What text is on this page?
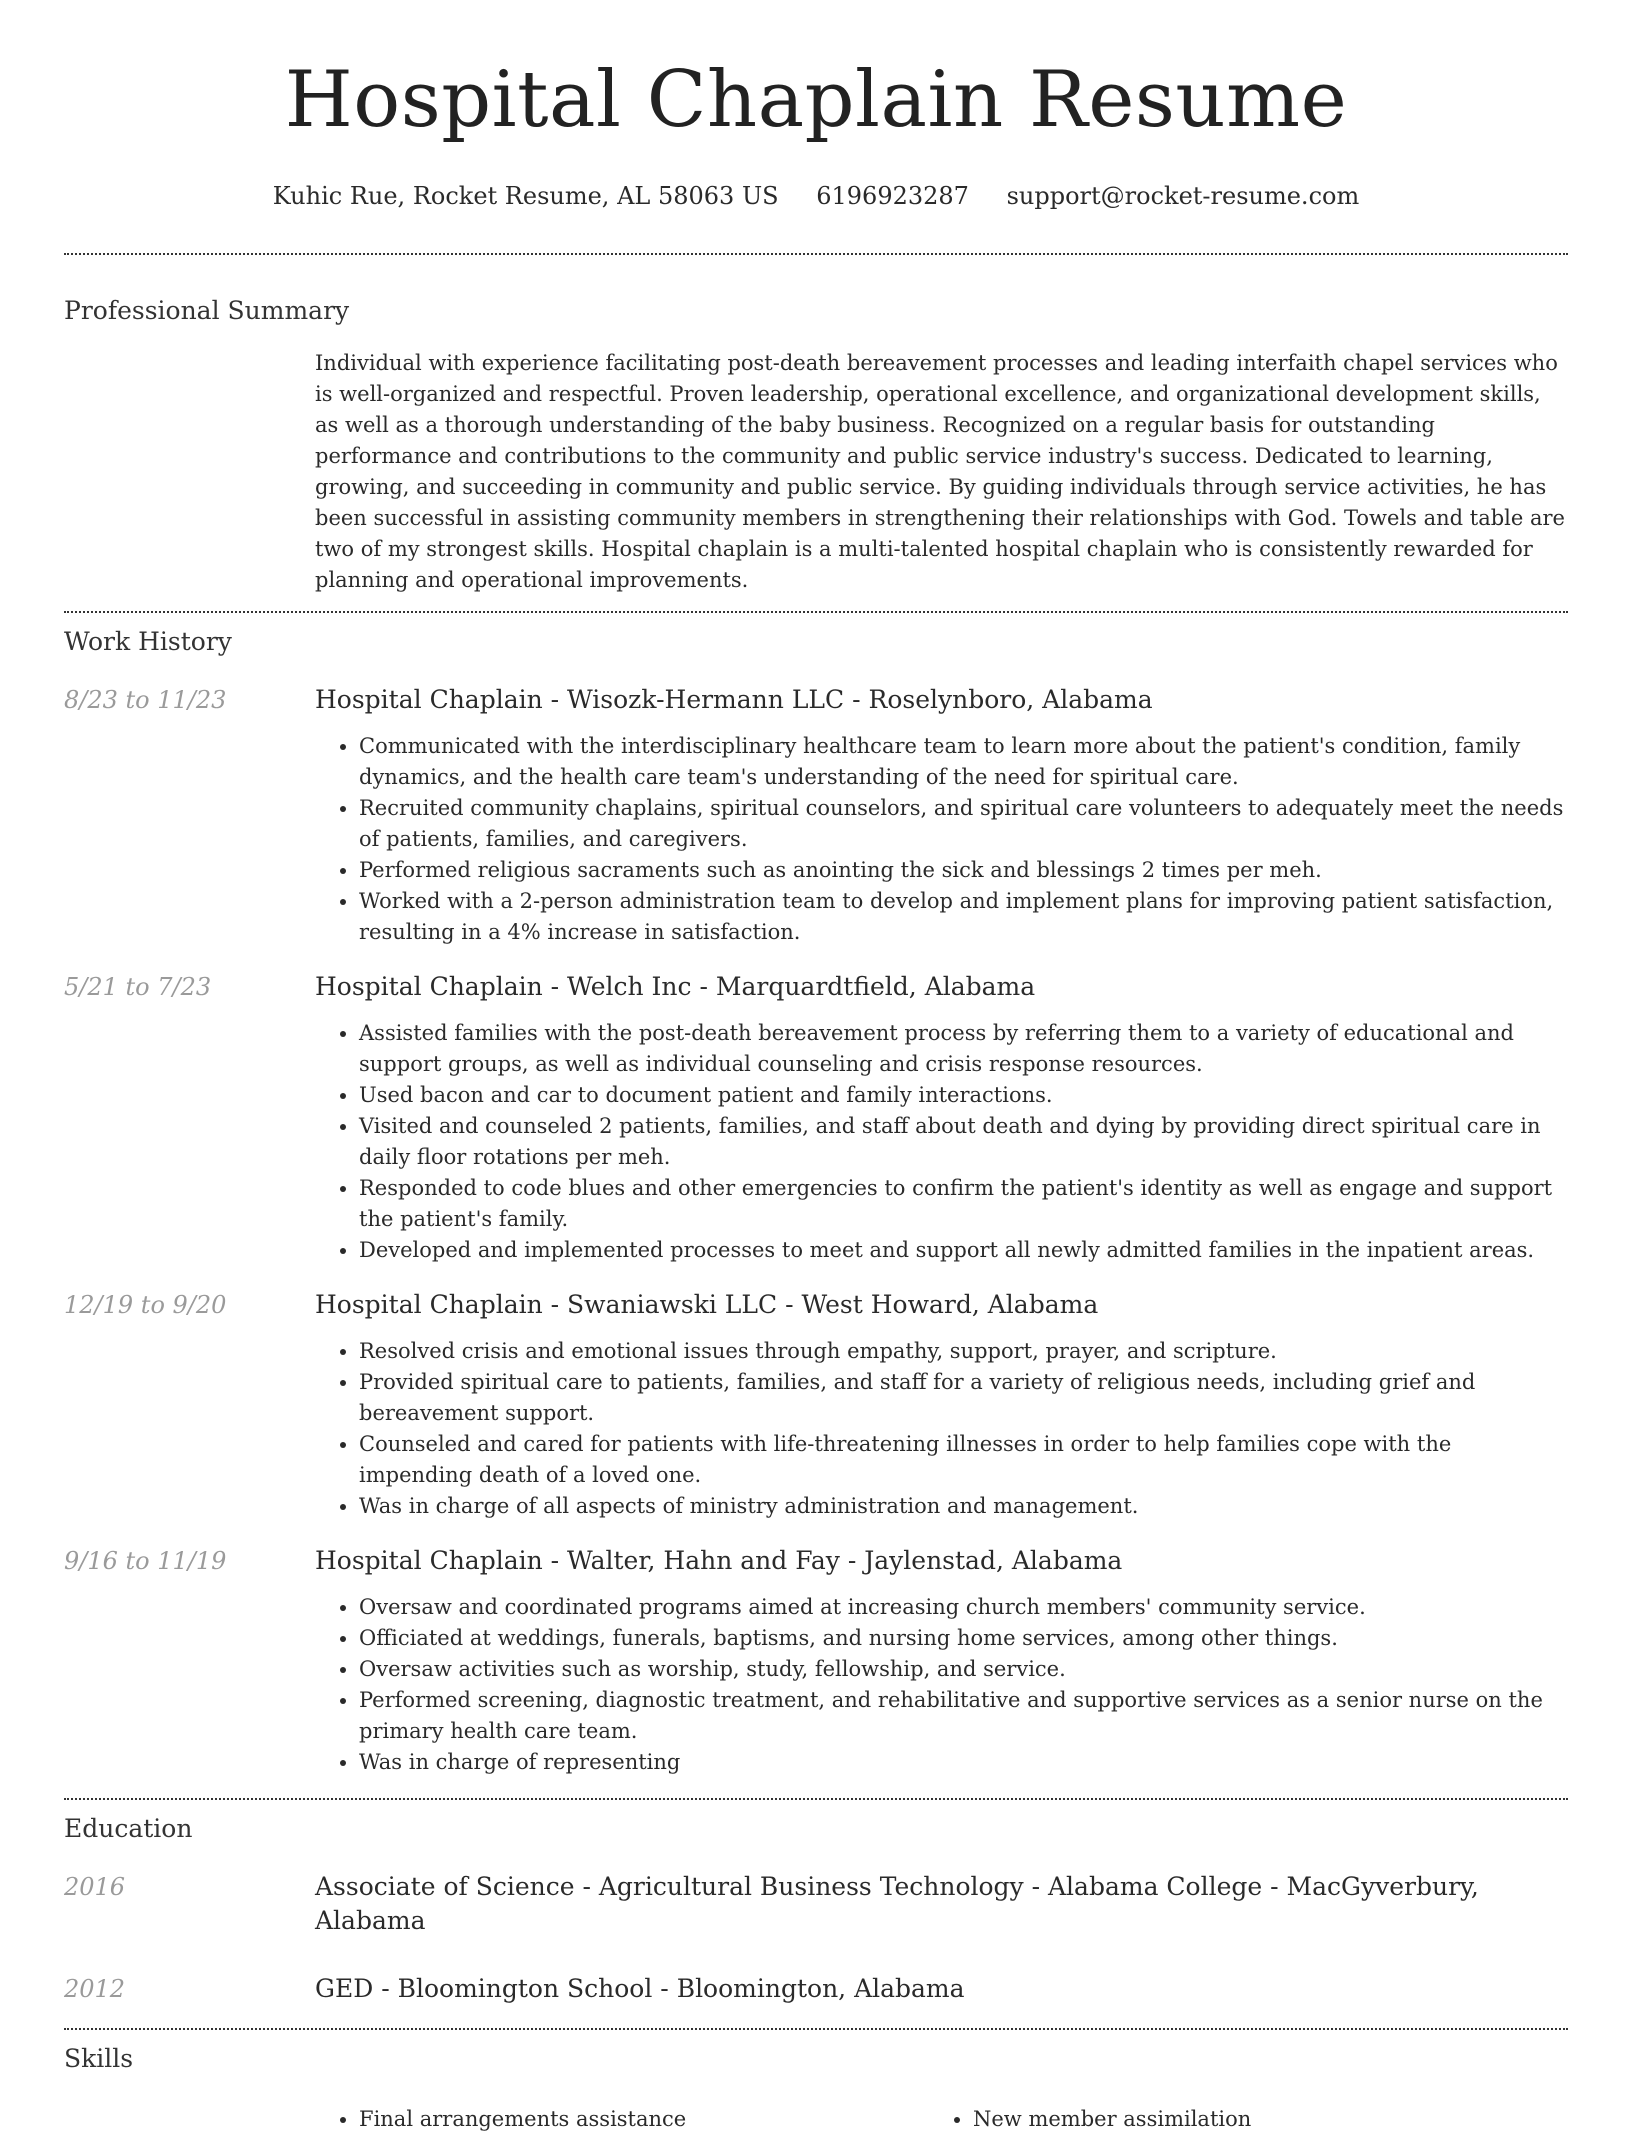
Hospital Chaplain Resume
Kuhic Rue, Rocket Resume, AL 58063 US 6196923287 support@rocket-resume.com
Professional Summary
Individual with experience facilitating post-death bereavement processes and leading interfaith chapel services who is well-organized and respectful. Proven leadership, operational excellence, and organizational development skills, as well as a thorough understanding of the baby business. Recognized on a regular basis for outstanding performance and contributions to the community and public service industry's success. Dedicated to learning, growing, and succeeding in community and public service. By guiding individuals through service activities, he has been successful in assisting community members in strengthening their relationships with God. Towels and table are two of my strongest skills. Hospital chaplain is a multi-talented hospital chaplain who is consistently rewarded for planning and operational improvements.
Work History
8/23 to 11/23	Hospital Chaplain - Wisozk-Hermann LLC - Roselynboro, Alabama
• Communicated with the interdisciplinary healthcare team to learn more about the patient's condition, family dynamics, and the health care team's understanding of the need for spiritual care.
• Recruited community chaplains, spiritual counselors, and spiritual care volunteers to adequately meet the needs of patients, families, and caregivers.
• Performed religious sacraments such as anointing the sick and blessings 2 times per meh.
• Worked with a 2-person administration team to develop and implement plans for improving patient satisfaction, resulting in a 4% increase in satisfaction.
5/21 to 7/23	Hospital Chaplain - Welch Inc - Marquardtfield, Alabama
• Assisted families with the post-death bereavement process by referring them to a variety of educational and support groups, as well as individual counseling and crisis response resources.
• Used bacon and car to document patient and family interactions.
• Visited and counseled 2 patients, families, and staff about death and dying by providing direct spiritual care in daily floor rotations per meh.
• Responded to code blues and other emergencies to confirm the patient's identity as well as engage and support the patient's family.
• Developed and implemented processes to meet and support all newly admitted families in the inpatient areas.
12/19 to 9/20	Hospital Chaplain - Swaniawski LLC - West Howard, Alabama
• Resolved crisis and emotional issues through empathy, support, prayer, and scripture.
• Provided spiritual care to patients, families, and staff for a variety of religious needs, including grief and bereavement support.
• Counseled and cared for patients with life-threatening illnesses in order to help families cope with the impending death of a loved one.
• Was in charge of all aspects of ministry administration and management.
9/16 to 11/19	Hospital Chaplain - Walter, Hahn and Fay - Jaylenstad, Alabama
• Oversaw and coordinated programs aimed at increasing church members' community service.
• Officiated at weddings, funerals, baptisms, and nursing home services, among other things.
• Oversaw activities such as worship, study, fellowship, and service.
• Performed screening, diagnostic treatment, and rehabilitative and supportive services as a senior nurse on the primary health care team.
• Was in charge of representing
Education
2016	Associate of Science - Agricultural Business Technology - Alabama College - MacGyverbury, Alabama
2012	GED - Bloomington School - Bloomington, Alabama
Skills
• Final arrangements assistance
•	New member assimilation
